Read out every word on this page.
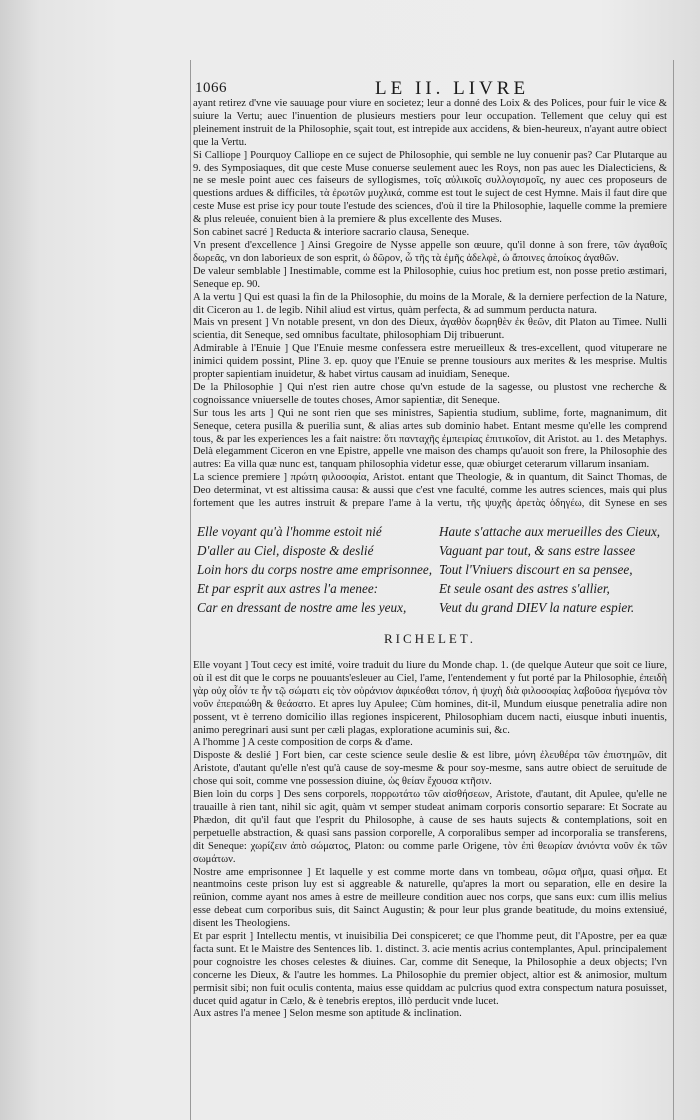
1066	LE II. LIVRE

ayant retirez d'vne vie sauuage pour viure en societez; leur a donné des Loix & des Polices, pour fuir le vice & suiure la Vertu; auec l'inuention de plusieurs mestiers pour leur occupation. Tellement que celuy qui est pleinement instruit de la Philosophie, sçait tout, est intrepide aux accidens, & bien-heureux, n'ayant autre obiect que la Vertu.

Si Calliope ] Pourquoy Calliope en ce suject de Philosophie, qui semble ne luy conuenir pas? Car Plutarque au 9. des Symposiaques, dit que ceste Muse conuerse seulement auec les Roys, non pas auec les Dialecticiens, & ne se mesle point auec ces faiseurs de syllogismes, τοῖς αὐλικοῖς συλλογισμοῖς, ny auec ces proposeurs de questions ardues & difficiles, τὰ ἐρωτῶν μυχλικά, comme est tout le suject de cest Hymne. Mais il faut dire que ceste Muse est prise icy pour toute l'estude des sciences, d'où il tire la Philosophie, laquelle comme la premiere & plus releuée, conuient bien à la premiere & plus excellente des Muses.

Son cabinet sacré ] Reducta & interiore sacrario clausa, Seneque.

Vn present d'excellence ] Ainsi Gregoire de Nysse appelle son œuure, qu'il donne à son frere, τῶν ἀγαθοῖς δωρεᾶς, vn don laborieux de son esprit, ὡ δῶρον, ὦ τῆς τὰ ἐμῆς ἀδελφὲ, ὡ ἄποινες ἀποίκος ἀγαθῶν.

De valeur semblable ] Inestimable, comme est la Philosophie, cuius hoc pretium est, non posse pretio æstimari, Seneque ep. 90.

A la vertu ] Qui est quasi la fin de la Philosophie, du moins de la Morale, & la derniere perfection de la Nature, dit Ciceron au 1. de legib. Nihil aliud est virtus, quàm perfecta, & ad summum perducta natura.

Mais vn present ] Vn notable present, vn don des Dieux, ἀγαθὸν δωρηθὲν ἐκ θεῶν, dit Platon au Timee. Nulli scientia, dit Seneque, sed omnibus facultate, philosophiam Dij tribuerunt.

Admirable à l'Enuie ] Que l'Enuie mesme confessera estre merueilleux & tres-excellent, quod vituperare ne inimici quidem possint, Pline 3. ep. quoy que l'Enuie se prenne tousiours aux merites & les mesprise. Multis propter sapientiam inuidetur, & habet virtus causam ad inuidiam, Seneque.

De la Philosophie ] Qui n'est rien autre chose qu'vn estude de la sagesse, ou plustost vne recherche & cognoissance vniuerselle de toutes choses, Amor sapientiæ, dit Seneque.

Sur tous les arts ] Qui ne sont rien que ses ministres, Sapientia studium, sublime, forte, magnanimum, dit Seneque, cetera pusilla & puerilia sunt, & alias artes sub dominio habet. Entant mesme qu'elle les comprend tous, & par les experiences les a fait naistre: ὅτι πανταχῆς ἐμπειρίας ἐπιτικοῖον, dit Aristot. au 1. des Metaphys. Delà elegamment Ciceron en vne Epistre, appelle vne maison des champs qu'auoit son frere, la Philosophie des autres: Ea villa quæ nunc est, tanquam philosophia videtur esse, quæ obiurget ceterarum villarum insaniam.

La science premiere ] πρώτη φιλοσοφία, Aristot. entant que Theologie, & in quantum, dit Sainct Thomas, de Deo determinat, vt est altissima causa: & aussi que c'est vne faculté, comme les autres sciences, mais qui plus fortement que les autres instruit & prepare l'ame à la vertu, τῆς ψυχῆς ἀρετὰς ὁδηγέω, dit Synese en ses

Elle voyant qu'à l'homme estoit nié
D'aller au Ciel, disposte & deslié
Loin hors du corps nostre ame emprisonnee,
Et par esprit aux astres l'a menee:
Car en dressant de nostre ame les yeux,
Haute s'attache aux merueilles des Cieux,
Vaguant par tout, & sans estre lassee
Tout l'Vniuers discourt en sa pensee,
Et seule osant des astres s'allier,
Veut du grand DIEV la nature espier.
RICHELET.

Elle voyant ] Tout cecy est imité, voire traduit du liure du Monde chap. 1. (de quelque Auteur que soit ce liure, où il est dit que le corps ne pouuants'esleuer au Ciel, l'ame, l'entendement y fut porté par la Philosophie, ἐπειδὴ γὰρ οὐχ οἷόν τε ἦν τῷ σώματι εἰς τὸν οὐράνιον ἀφικέσθαι τόπον, ἡ ψυχὴ διὰ φιλοσοφίας λαβοῦσα ἡγεμόνα τὸν νοῦν ἐπεραιώθη & θεάσατο. Et apres luy Apulee; Cùm homines, dit-il, Mundum eiusque penetralia adire non possent, vt è terreno domicilio illas regiones inspicerent, Philosophiam ducem nacti, eiusque inbuti inuentis, animo peregrinari ausi sunt per cæli plagas, exploratione acuminis sui, &c.

A l'homme ] A ceste composition de corps & d'ame.

Disposte & deslié ] Fort bien, car ceste science seule deslie & est libre, μόνη ἐλευθέρα τῶν ἐπιστημῶν, dit Aristote, d'autant qu'elle n'est qu'à cause de soy-mesme & pour soy-mesme, sans autre obiect de seruitude de chose qui soit, comme vne possession diuine, ὡς θείαν ἔχουσα κτῆσιν.

Bien loin du corps ] Des sens corporels, πορρωτάτω τῶν αἰσθήσεων, Aristote, d'autant, dit Apulee, qu'elle ne trauaille à rien tant, nihil sic agit, quàm vt semper studeat animam corporis consortio separare: Et Socrate au Phædon, dit qu'il faut que l'esprit du Philosophe, à cause de ses hauts sujects & contemplations, soit en perpetuelle abstraction, & quasi sans passion corporelle, A corporalibus semper ad incorporalia se transferens, dit Seneque: χωρίζειν ἀπὸ σώματος, Platon: ou comme parle Origene, τὸν ἐπὶ θεωρίαν ἀνιόντα νοῦν ἐκ τῶν σωμάτων.

Nostre ame emprisonnee ] Et laquelle y est comme morte dans vn tombeau, σῶμα σῆμα, quasi σῆμα. Et neantmoins ceste prison luy est si aggreable & naturelle, qu'apres la mort ou separation, elle en desire la reünion, comme ayant nos ames à estre de meilleure condition auec nos corps, que sans eux: cum illis melius esse debeat cum corporibus suis, dit Sainct Augustin; & pour leur plus grande beatitude, du moins extensiué, disent les Theologiens.

Et par esprit ] Intellectu mentis, vt inuisibilia Dei conspiceret; ce que l'homme peut, dit l'Apostre, per ea quæ facta sunt. Et le Maistre des Sentences lib. 1. distinct. 3. acie mentis acrius contemplantes, Apul. principalement pour cognoistre les choses celestes & diuines. Car, comme dit Seneque, la Philosophie a deux objects; l'vn concerne les Dieux, & l'autre les hommes. La Philosophie du premier object, altior est & animosior, multum permisit sibi; non fuit oculis contenta, maius esse quiddam ac pulcrius quod extra conspectum natura posuisset, ducet quid agatur in Cælo, & è tenebris ereptos, illò perducit vnde lucet.

Aux astres l'a menee ] Selon mesme son aptitude & inclination.
